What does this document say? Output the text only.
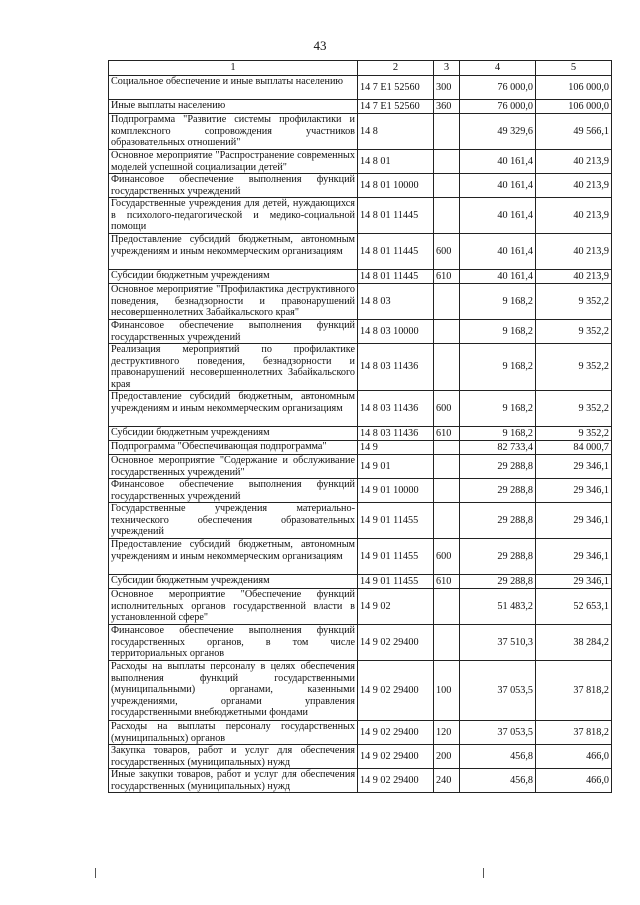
43
1	2	3	4	5
Социальное обеспечение и иные выплаты населению	14 7 E1 52560	300	76 000,0	106 000,0
Иные выплаты населению	14 7 E1 52560	360	76 000,0	106 000,0
Подпрограмма "Развитие системы профилактики и комплексного сопровождения участников образовательных отношений"	14 8		49 329,6	49 566,1
Основное мероприятие "Распространение современных моделей успешной социализации детей"	14 8 01		40 161,4	40 213,9
Финансовое обеспечение выполнения функций государственных учреждений	14 8 01 10000		40 161,4	40 213,9
Государственные учреждения для детей, нуждающихся в психолого-педагогической и медико-социальной помощи	14 8 01 11445		40 161,4	40 213,9
Предоставление субсидий бюджетным, автономным учреждениям и иным некоммерческим организациям	14 8 01 11445	600	40 161,4	40 213,9
Субсидии бюджетным учреждениям	14 8 01 11445	610	40 161,4	40 213,9
Основное мероприятие "Профилактика деструктивного поведения, безнадзорности и правонарушений несовершеннолетних Забайкальского края"	14 8 03		9 168,2	9 352,2
Финансовое обеспечение выполнения функций государственных учреждений	14 8 03 10000		9 168,2	9 352,2
Реализация мероприятий по профилактике деструктивного поведения, безнадзорности и правонарушений несовершеннолетних Забайкальского края	14 8 03 11436		9 168,2	9 352,2
Предоставление субсидий бюджетным, автономным учреждениям и иным некоммерческим организациям	14 8 03 11436	600	9 168,2	9 352,2
Субсидии бюджетным учреждениям	14 8 03 11436	610	9 168,2	9 352,2
Подпрограмма "Обеспечивающая подпрограмма"	14 9		82 733,4	84 000,7
Основное мероприятие "Содержание и обслуживание государственных учреждений"	14 9 01		29 288,8	29 346,1
Финансовое обеспечение выполнения функций государственных учреждений	14 9 01 10000		29 288,8	29 346,1
Государственные учреждения материально-технического обеспечения образовательных учреждений	14 9 01 11455		29 288,8	29 346,1
Предоставление субсидий бюджетным, автономным учреждениям и иным некоммерческим организациям	14 9 01 11455	600	29 288,8	29 346,1
Субсидии бюджетным учреждениям	14 9 01 11455	610	29 288,8	29 346,1
Основное мероприятие "Обеспечение функций исполнительных органов государственной власти в установленной сфере"	14 9 02		51 483,2	52 653,1
Финансовое обеспечение выполнения функций государственных органов, в том числе территориальных органов	14 9 02 29400		37 510,3	38 284,2
Расходы на выплаты персоналу в целях обеспечения выполнения функций государственными (муниципальными) органами, казенными учреждениями, органами управления государственными внебюджетными фондами	14 9 02 29400	100	37 053,5	37 818,2
Расходы на выплаты персоналу государственных (муниципальных) органов	14 9 02 29400	120	37 053,5	37 818,2
Закупка товаров, работ и услуг для обеспечения государственных (муниципальных) нужд	14 9 02 29400	200	456,8	466,0
Иные закупки товаров, работ и услуг для обеспечения государственных (муниципальных) нужд	14 9 02 29400	240	456,8	466,0
